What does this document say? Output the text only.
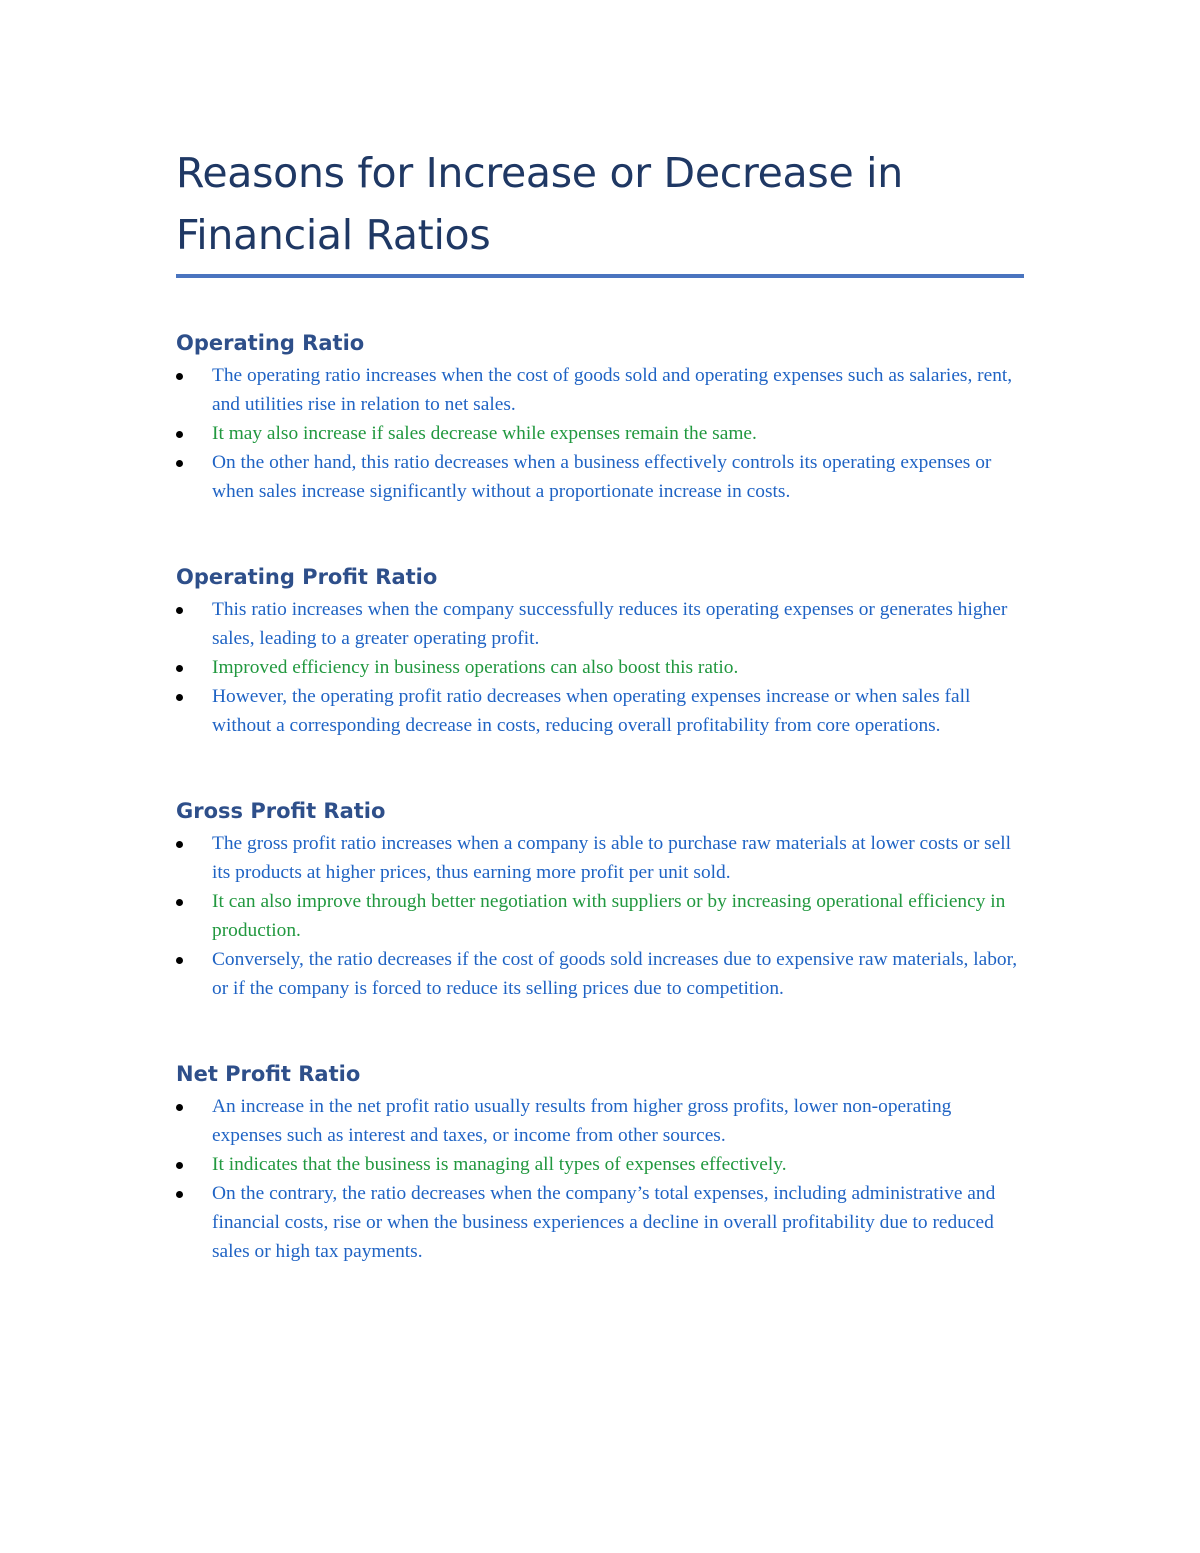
Reasons for Increase or Decrease in Financial Ratios
Operating Ratio
The operating ratio increases when the cost of goods sold and operating expenses such as salaries, rent, and utilities rise in relation to net sales.
It may also increase if sales decrease while expenses remain the same.
On the other hand, this ratio decreases when a business effectively controls its operating expenses or when sales increase significantly without a proportionate increase in costs.
Operating Profit Ratio
This ratio increases when the company successfully reduces its operating expenses or generates higher sales, leading to a greater operating profit.
Improved efficiency in business operations can also boost this ratio.
However, the operating profit ratio decreases when operating expenses increase or when sales fall without a corresponding decrease in costs, reducing overall profitability from core operations.
Gross Profit Ratio
The gross profit ratio increases when a company is able to purchase raw materials at lower costs or sell its products at higher prices, thus earning more profit per unit sold.
It can also improve through better negotiation with suppliers or by increasing operational efficiency in production.
Conversely, the ratio decreases if the cost of goods sold increases due to expensive raw materials, labor, or if the company is forced to reduce its selling prices due to competition.
Net Profit Ratio
An increase in the net profit ratio usually results from higher gross profits, lower non-operating expenses such as interest and taxes, or income from other sources.
It indicates that the business is managing all types of expenses effectively.
On the contrary, the ratio decreases when the company’s total expenses, including administrative and financial costs, rise or when the business experiences a decline in overall profitability due to reduced sales or high tax payments.
